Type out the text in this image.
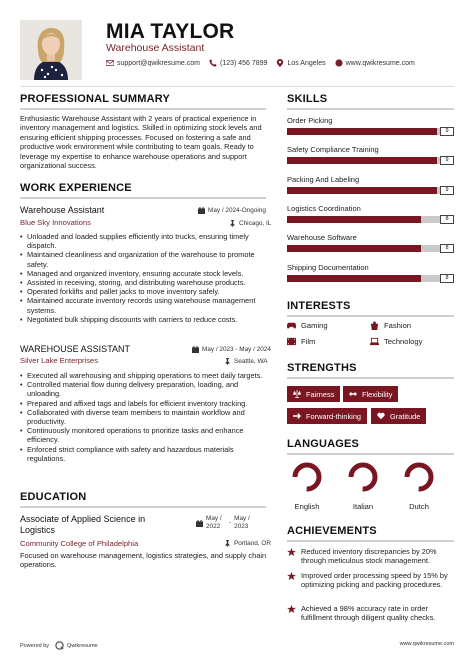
MIA TAYLOR
Warehouse Assistant
support@qwikresume.com	(123) 456 7899	Los Angeles	www.qwikresume.com
PROFESSIONAL SUMMARY
Enthusiastic Warehouse Assistant with 2 years of practical experience in inventory management and logistics. Skilled in optimizing stock levels and ensuring efficient shipping processes. Focused on fostering a safe and productive work environment while contributing to team goals. Ready to leverage my expertise to enhance warehouse operations and support organizational success.
WORK EXPERIENCE
Warehouse Assistant	May / 2024-Ongoing
Blue Sky Innovations	Chicago, IL
• Unloaded and loaded supplies efficiently into trucks, ensuring timely dispatch.
• Maintained cleanliness and organization of the warehouse to promote safety.
• Managed and organized inventory, ensuring accurate stock levels.
• Assisted in receiving, storing, and distributing warehouse products.
• Operated forklifts and pallet jacks to move inventory safely.
• Maintained accurate inventory records using warehouse management systems.
• Negotiated bulk shipping discounts with carriers to reduce costs.
WAREHOUSE ASSISTANT	May / 2023 - May / 2024
Silver Lake Enterprises	Seattle, WA
• Executed all warehousing and shipping operations to meet daily targets.
• Controlled material flow during delivery preparation, loading, and unloading.
• Prepared and affixed tags and labels for efficient inventory tracking.
• Collaborated with diverse team members to maintain workflow and productivity.
• Continuously monitored operations to prioritize tasks and enhance efficiency.
• Enforced strict compliance with safety and hazardous materials regulations.
EDUCATION
Associate of Applied Science in
Logistics
May /
2022
-
May /
2023
Community College of Philadelphia	Portland, OR
Focused on warehouse management, logistics strategies, and supply chain operations.
SKILLS
Order Picking
9
Safety Compliance Training
9
Packing And Labeling
9
Logistics Coordination
8
Warehouse Software
8
Shipping Documentation
8
INTERESTS
Gaming	Fashion
Film	Technology
STRENGTHS
Fairness	Flexibility
Forward-thinking	Gratitude
LANGUAGES
English	Italian	Dutch
ACHIEVEMENTS
Reduced inventory discrepancies by 20% through meticulous stock management.
Improved order processing speed by 15% by optimizing picking and packing procedures.
Achieved a 98% accuracy rate in order fulfillment through diligent quality checks.
Powered by	Qwikresume	www.qwikresume.com
